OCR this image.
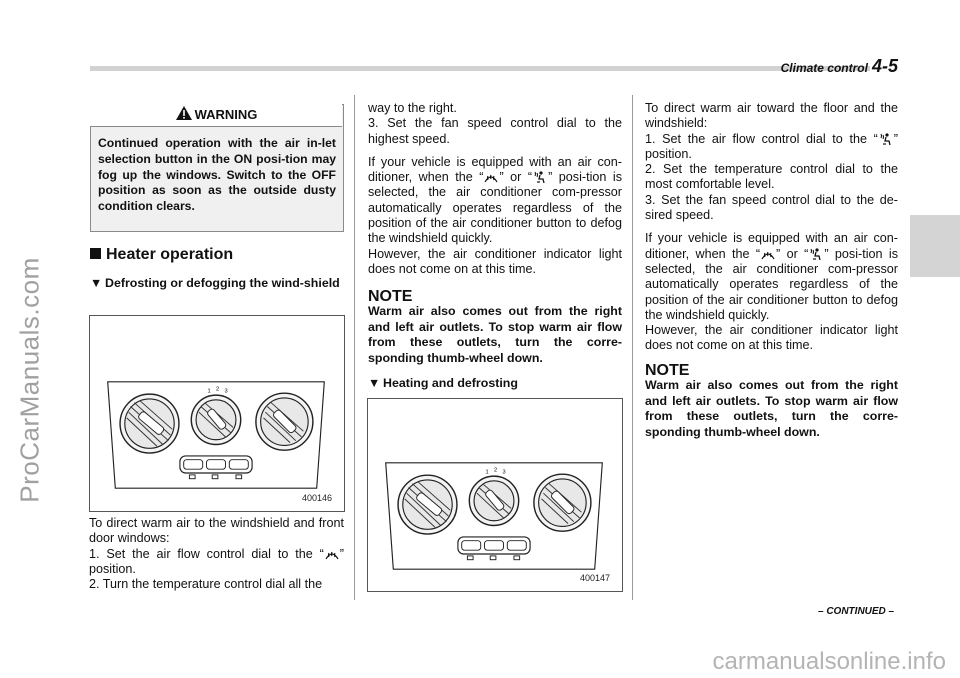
Climate control 4-5
ProCarManuals.com
WARNING
Continued operation with the air in-let selection button in the ON posi-tion may fog up the windows. Switch to the OFF position as soon as the outside dusty condition clears.
Heater operation
▼ Defrosting or defogging the wind-shield
400146

To direct warm air to the windshield and front door windows:

1. Set the air flow control dial to the “ ” position.
2. Turn the temperature control dial all the
way to the right.

3. Set the fan speed control dial to the highest speed.

If your vehicle is equipped with an air con-ditioner, when the “ ” or “ ” posi-tion is selected, the air conditioner com-pressor automatically operates regardless of the position of the air conditioner button to defog the windshield quickly.

However, the air conditioner indicator light does not come on at this time.

NOTE
Warm air also comes out from the right and left air outlets. To stop warm air flow from these outlets, turn the corre-sponding thumb-wheel down.
▼ Heating and defrosting
400147
To direct warm air toward the floor and the windshield:
1. Set the air flow control dial to the “ ” position.
2. Set the temperature control dial to the most comfortable level.

3. Set the fan speed control dial to the de-sired speed.

If your vehicle is equipped with an air con-ditioner, when the “ ” or “ ” posi-tion is selected, the air conditioner com-pressor automatically operates regardless of the position of the air conditioner button to defog the windshield quickly.

However, the air conditioner indicator light does not come on at this time.

NOTE
Warm air also comes out from the right and left air outlets. To stop warm air flow from these outlets, turn the corre-sponding thumb-wheel down.
– CONTINUED –
carmanualsonline.info
